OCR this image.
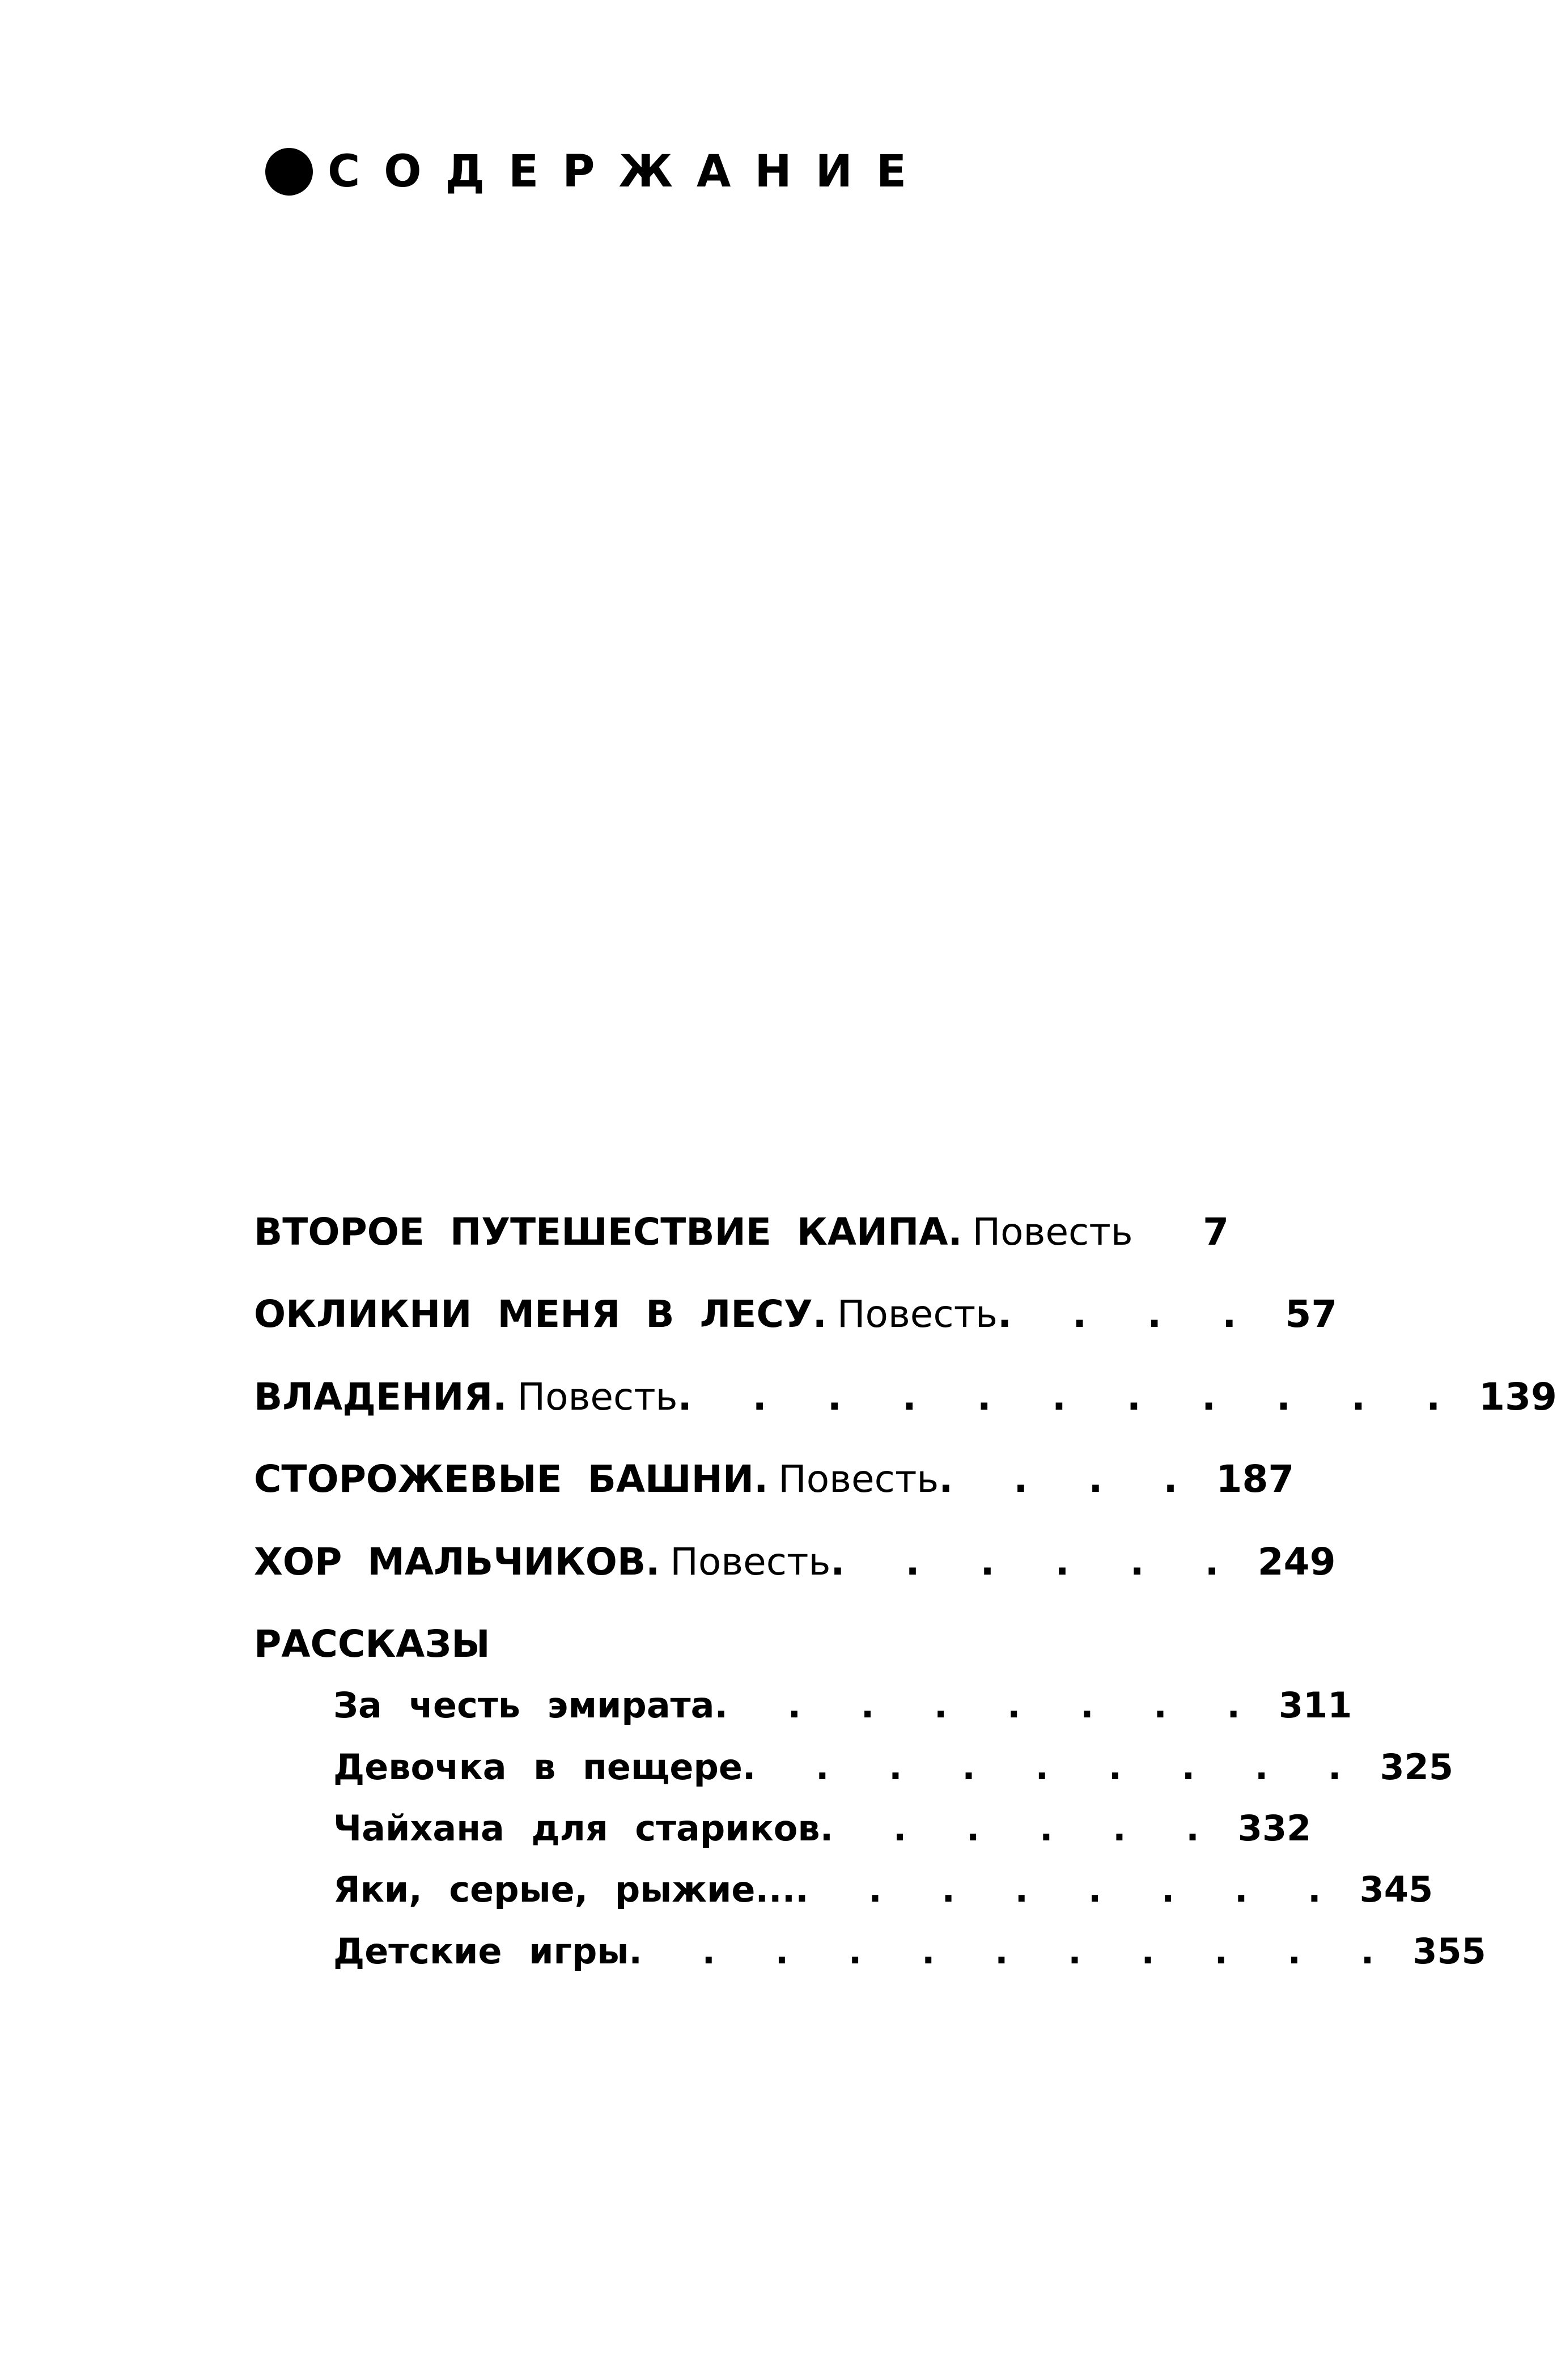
СОДЕРЖАНИЕ
ВТОРОЕ ПУТЕШЕСТВИЕ КАИПА. Повесть	7
ОКЛИКНИ МЕНЯ В ЛЕСУ. Повесть . . . . 57
ВЛАДЕНИЯ. Повесть . . . . . . . . . . . 139
СТОРОЖЕВЫЕ БАШНИ. Повесть . . . . 187
ХОР МАЛЬЧИКОВ. Повесть . . . . . . 249
РАССКАЗЫ
За честь эмирата . . . . . . . . 311
Девочка в пещере . . . . . . . . . 325
Чайхана для стариков . . . . . . 332
Яки, серые, рыжие... . . . . . . . . 345
Детские игры . . . . . . . . . . . 355
